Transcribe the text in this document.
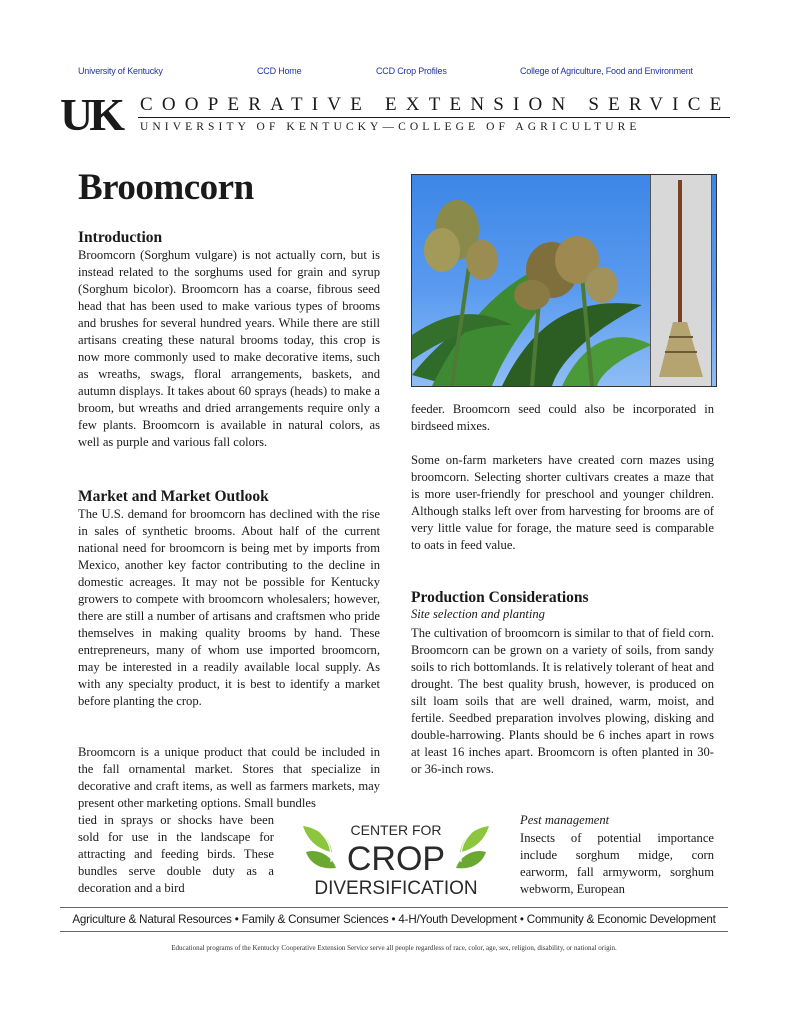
University of Kentucky	CCD Home	CCD Crop Profiles	College of Agriculture, Food and Environment
UK COOPERATIVE EXTENSION SERVICE
UNIVERSITY OF KENTUCKY—COLLEGE OF AGRICULTURE
Broomcorn
Introduction

Broomcorn (Sorghum vulgare) is not actually corn, but is instead related to the sorghums used for grain and syrup (Sorghum bicolor). Broomcorn has a coarse, fibrous seed head that has been used to make various types of brooms and brushes for several hundred years. While there are still artisans creating these natural brooms today, this crop is now more commonly used to make decorative items, such as wreaths, swags, floral arrangements, baskets, and autumn displays. It takes about 60 sprays (heads) to make a broom, but wreaths and dried arrangements require only a few plants. Broomcorn is available in natural colors, as well as purple and various fall colors.

Market and Market Outlook

The U.S. demand for broomcorn has declined with the rise in sales of synthetic brooms. About half of the current national need for broomcorn is being met by imports from Mexico, another key factor contributing to the decline in domestic acreages. It may not be possible for Kentucky growers to compete with broomcorn wholesalers; however, there are still a number of artisans and craftsmen who pride themselves in making quality brooms by hand. These entrepreneurs, many of whom use imported broomcorn, may be interested in a readily available local supply. As with any specialty product, it is best to identify a market before planting the crop.

Broomcorn is a unique product that could be included in the fall ornamental market. Stores that specialize in decorative and craft items, as well as farmers markets, may present other marketing options. Small bundles

tied in sprays or shocks have been sold for use in the landscape for attracting and feeding birds. These bundles serve double duty as a decoration and a bird

feeder. Broomcorn seed could also be incorporated in birdseed mixes.

Some on-farm marketers have created corn mazes using broomcorn. Selecting shorter cultivars creates a maze that is more user-friendly for preschool and younger children. Although stalks left over from harvesting for brooms are of very little value for forage, the mature seed is comparable to oats in feed value.

Production Considerations
Site selection and planting

The cultivation of broomcorn is similar to that of field corn. Broomcorn can be grown on a variety of soils, from sandy soils to rich bottomlands. It is relatively tolerant of heat and drought. The best quality brush, however, is produced on silt loam soils that are well drained, warm, moist, and fertile. Seedbed preparation involves plowing, disking and double-harrowing. Plants should be 6 inches apart in rows at least 16 inches apart. Broomcorn is often planted in 30- or 36-inch rows.

Pest management

Insects of potential importance include sorghum midge, corn earworm, fall armyworm, sorghum webworm, European

CENTER FOR
CROP
DIVERSIFICATION
Agriculture & Natural Resources • Family & Consumer Sciences • 4-H/Youth Development • Community & Economic Development
Educational programs of the Kentucky Cooperative Extension Service serve all people regardless of race, color, age, sex, religion, disability, or national origin.
